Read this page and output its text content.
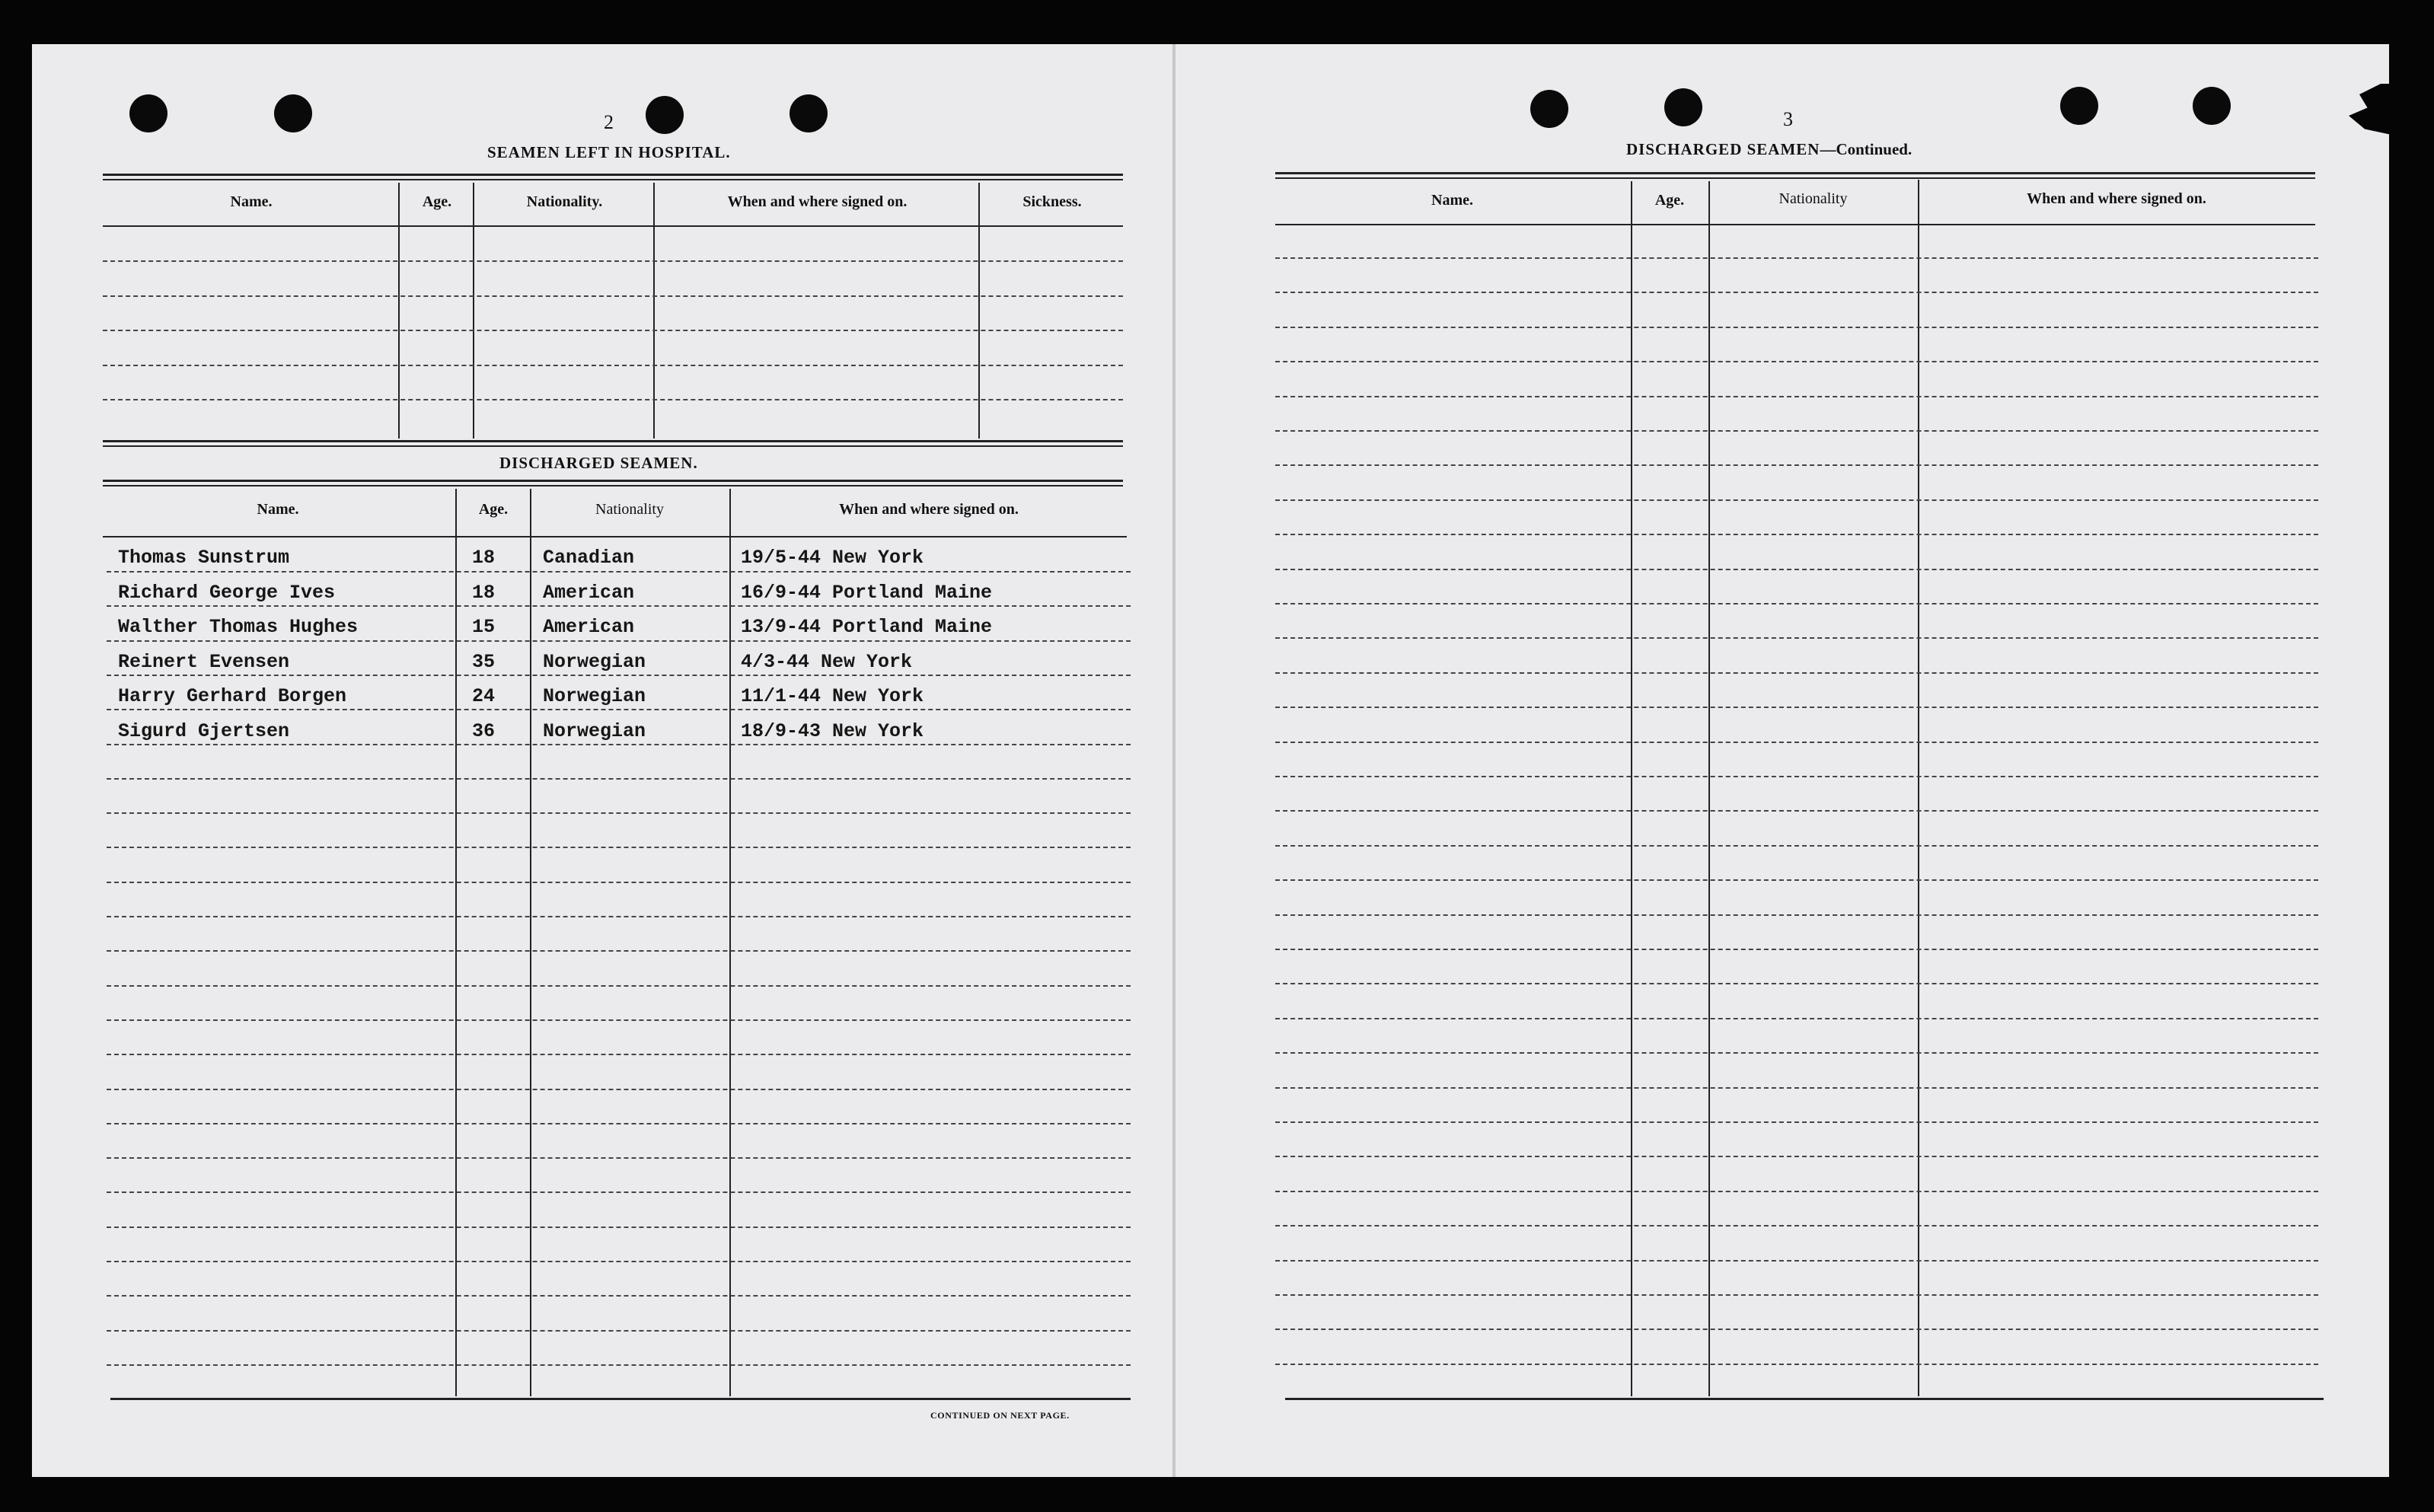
2
SEAMEN LEFT IN HOSPITAL.
Name.	Age.	Nationality.	When and where signed on.	Sickness.
DISCHARGED SEAMEN.
Name.	Age.	Nationality	When and where signed on.
Thomas Sunstrum	18	Canadian	19/5-44 New York
Richard George Ives	18	American	16/9-44 Portland Maine
Walther Thomas Hughes	15	American	13/9-44 Portland Maine
Reinert Evensen	35	Norwegian	4/3-44 New York
Harry Gerhard Borgen	24	Norwegian	11/1-44 New York
Sigurd Gjertsen	36	Norwegian	18/9-43 New York
CONTINUED ON NEXT PAGE.
3
DISCHARGED SEAMEN—Continued.
Name.	Age.	Nationality	When and where signed on.
